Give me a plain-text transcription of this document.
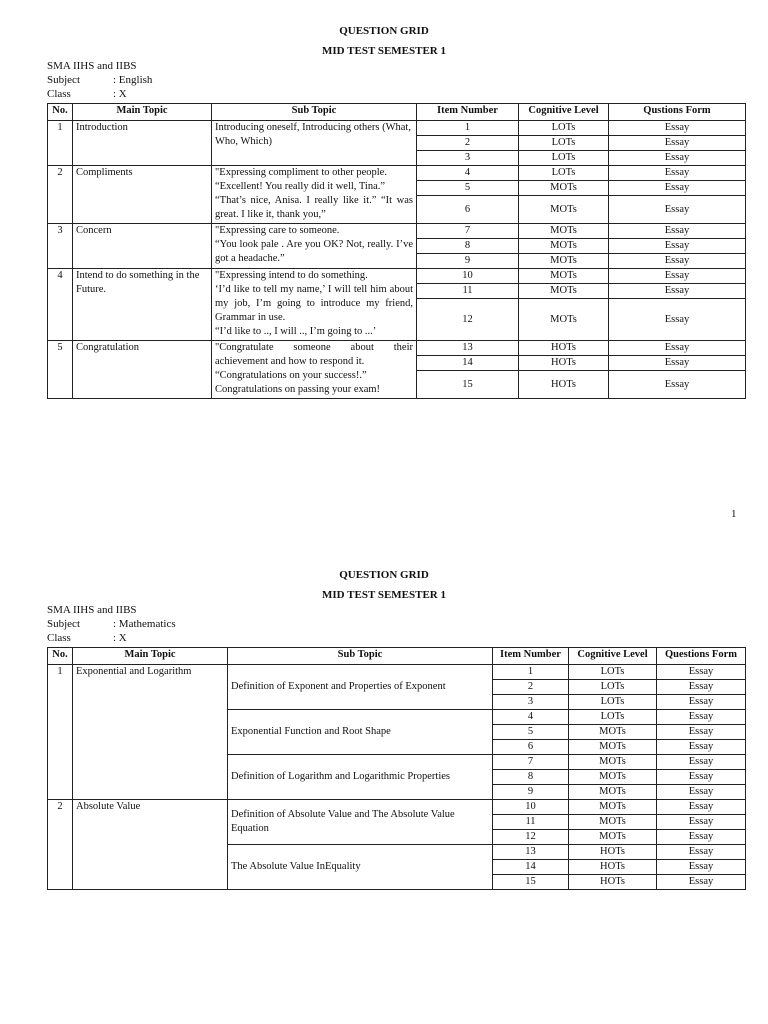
QUESTION GRID
MID TEST SEMESTER 1
SMA IIHS and IIBS
Subject	: English
Class	: X
No.	Main Topic	Sub Topic	Item Number	Cognitive Level	Qustions Form
1	Introduction	Introducing oneself, Introducing others (What, Who, Which)	1	LOTs	Essay
			2	LOTs	Essay
			3	LOTs	Essay
2	Compliments	"Expressing compliment to other people.
“Excellent! You really did it well, Tina.”
“That’s nice, Anisa. I really like it.” “It was great. I like it, thank you,”	4	LOTs	Essay
			5	MOTs	Essay
			6	MOTs	Essay
3	Concern	"Expressing care to someone.
“You look pale . Are you OK? Not, really. I’ve got a headache.”	7	MOTs	Essay
			8	MOTs	Essay
			9	MOTs	Essay
4	Intend to do something in the Future.	"Expressing intend to do something.
‘I’d like to tell my name,’ I will tell him about my job, I’m going to introduce my friend, Grammar in use.
“I’d like to .., I will .., I’m going to ...’	10	MOTs	Essay
			11	MOTs	Essay
			12	MOTs	Essay
5	Congratulation	"Congratulate someone about their achievement and how to respond it.
“Congratulations on your success!.”
Congratulations on passing your exam!	13	HOTs	Essay
			14	HOTs	Essay
			15	HOTs	Essay
1
QUESTION GRID
MID TEST SEMESTER 1
SMA IIHS and IIBS
Subject	: Mathematics
Class	: X
No.	Main Topic	Sub Topic	Item Number	Cognitive Level	Questions Form
1	Exponential and Logarithm	Definition of Exponent and Properties of Exponent	1	LOTs	Essay
			2	LOTs	Essay
			3	LOTs	Essay
		Exponential Function and Root Shape	4	LOTs	Essay
			5	MOTs	Essay
			6	MOTs	Essay
		Definition of Logarithm and Logarithmic Properties	7	MOTs	Essay
			8	MOTs	Essay
			9	MOTs	Essay
2	Absolute Value	Definition of Absolute Value and The Absolute Value Equation	10	MOTs	Essay
			11	MOTs	Essay
			12	MOTs	Essay
		The Absolute Value InEquality	13	HOTs	Essay
			14	HOTs	Essay
			15	HOTs	Essay
